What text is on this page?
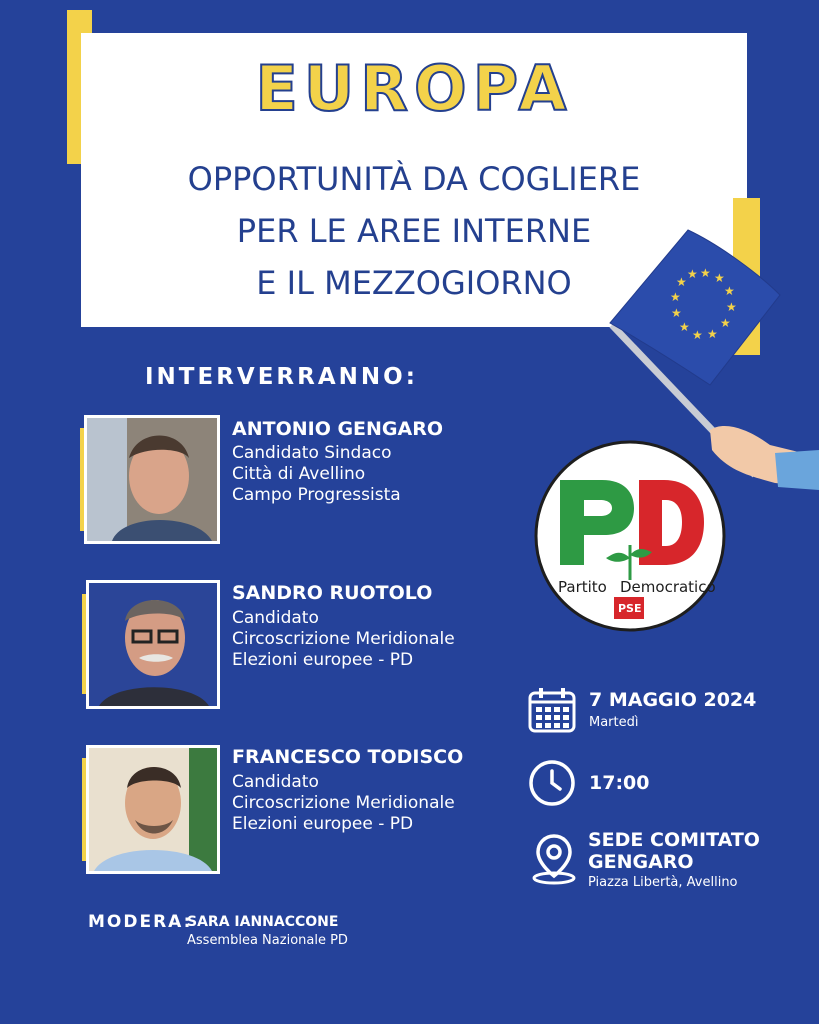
EUROPA
OPPORTUNITÀ DA COGLIERE
PER LE AREE INTERNE
E IL MEZZOGIORNO	★ ★
★
★
★
★
★
★
★
★
★
★
INTERVERRANNO:
ANTONIO GENGARO
Candidato Sindaco
Città di Avellino
Campo Progressista
SANDRO RUOTOLO
Candidato
Circoscrizione Meridionale
Elezioni europee - PD
FRANCESCO TODISCO
Candidato
Circoscrizione Meridionale
Elezioni europee - PD
Partito Democratico
PSE
7 MAGGIO 2024
Martedì
17:00
SEDE COMITATO
GENGARO
Piazza Libertà, Avellino
MODERA:
SARA IANNACCONE
Assemblea Nazionale PD
